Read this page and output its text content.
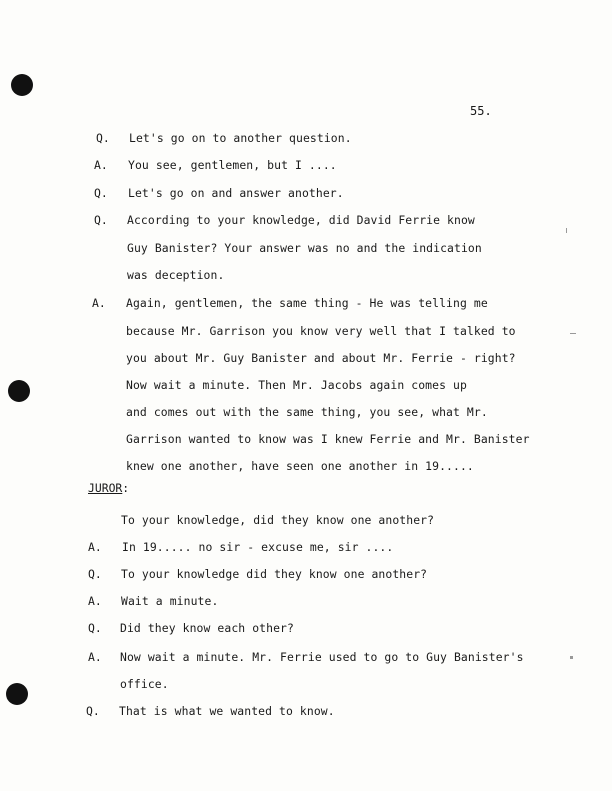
55.
JUROR:
Q. Let's go on to another question.
A. You see, gentlemen, but I ....
Q. Let's go on and answer another.
Q. According to your knowledge, did David Ferrie know
Guy Banister? Your answer was no and the indication
was deception.
A. Again, gentlemen, the same thing - He was telling me
because Mr. Garrison you know very well that I talked to
you about Mr. Guy Banister and about Mr. Ferrie - right?
Now wait a minute. Then Mr. Jacobs again comes up
and comes out with the same thing, you see, what Mr.
Garrison wanted to know was I knew Ferrie and Mr. Banister
knew one another, have seen one another in 19.....
To your knowledge, did they know one another?
A. In 19..... no sir - excuse me, sir ....
Q. To your knowledge did they know one another?
A. Wait a minute.
Q. Did they know each other?
A. Now wait a minute. Mr. Ferrie used to go to Guy Banister's
office.
Q. That is what we wanted to know.
